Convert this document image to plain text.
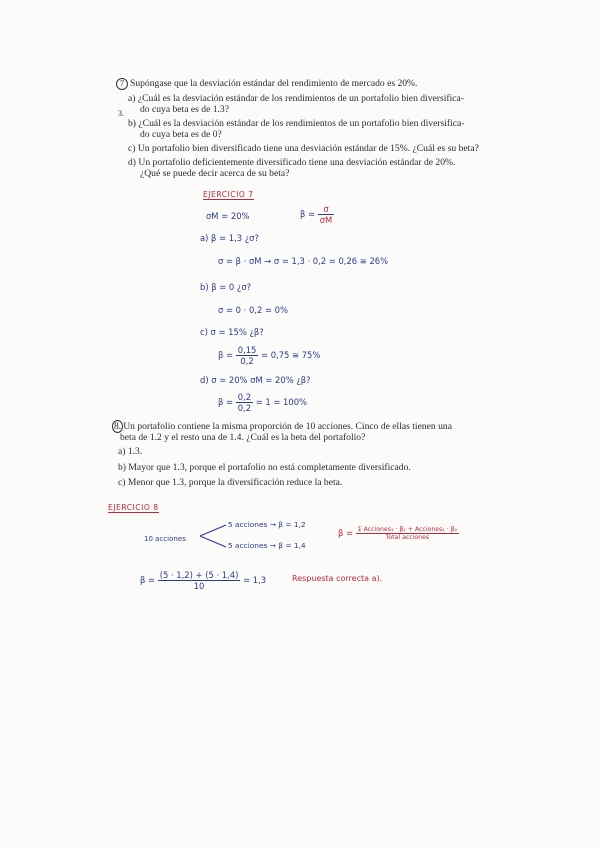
7 Supóngase que la desviación estándar del rendimiento de mercado es 20%.
a) ¿Cuál es la desviación estándar de los rendimientos de un portafolio bien diversifica-
do cuya beta es de 1.3?
3.
b) ¿Cuál es la desviación estándar de los rendimientos de un portafolio bien diversifica-
do cuya beta es de 0?
c) Un portafolio bien diversificado tiene una desviación estándar de 15%. ¿Cuál es su beta?
d) Un portafolio deficientemente diversificado tiene una desviación estándar de 20%.
¿Qué se puede decir acerca de su beta?
EJERCICIO 7
σM = 20%	$\beta = \frac{\sigma}{\sigma M}$
a) β = 1,3 ¿σ?
σ = β · σM → σ = 1,3 · 0,2 = 0,26 ≅ 26%
b) β = 0 ¿σ?
σ = 0 · 0,2 = 0%
c) σ = 15% ¿β?
$\beta = \frac{0,15}{0,2} = 0,75$ ≅ 75%
d) σ = 20% σM = 20% ¿β?
$\beta = \frac{0,2}{0,2} = 1 = 100\%$
8. Un portafolio contiene la misma proporción de 10 acciones. Cinco de ellas tienen una
beta de 1.2 y el resto una de 1.4. ¿Cuál es la beta del portafolio?
a) 1.3.
b) Mayor que 1.3, porque el portafolio no está completamente diversificado.
c) Menor que 1.3, porque la diversificación reduce la beta.
EJERCICIO 8
10 acciones
5 acciones → β = 1,2
5 acciones → β = 1,4
$\beta = \frac{\text{Σ Acciones₁ · β₁ + Acciones₂ · β₂}}{\text{Total acciones}}$
$\beta = \frac{(5 \cdot 1,2) + (5 \cdot 1,4)}{10} = 1,3$	Respuesta correcta a).
